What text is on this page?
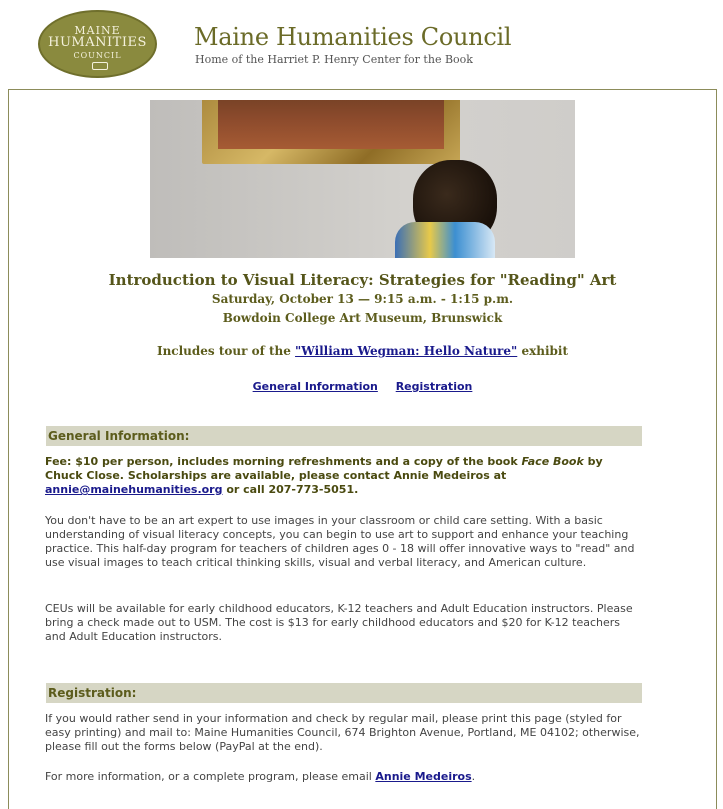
MAINE
HUMANITIES
COUNCIL
Maine Humanities Council
Home of the Harriet P. Henry Center for the Book
Introduction to Visual Literacy: Strategies for "Reading" Art
Saturday, October 13 — 9:15 a.m. - 1:15 p.m.
Bowdoin College Art Museum, Brunswick
Includes tour of the "William Wegman: Hello Nature" exhibit
General Information Registration
General Information:
Fee: $10 per person, includes morning refreshments and a copy of the book Face Book by Chuck Close. Scholarships are available, please contact Annie Medeiros at annie@mainehumanities.org or call 207-773-5051.
You don't have to be an art expert to use images in your classroom or child care setting. With a basic understanding of visual literacy concepts, you can begin to use art to support and enhance your teaching practice. This half-day program for teachers of children ages 0 - 18 will offer innovative ways to "read" and use visual images to teach critical thinking skills, visual and verbal literacy, and American culture.
CEUs will be available for early childhood educators, K-12 teachers and Adult Education instructors. Please bring a check made out to USM. The cost is $13 for early childhood educators and $20 for K-12 teachers and Adult Education instructors.
Registration:
If you would rather send in your information and check by regular mail, please print this page (styled for easy printing) and mail to: Maine Humanities Council, 674 Brighton Avenue, Portland, ME 04102; otherwise, please fill out the forms below (PayPal at the end).
For more information, or a complete program, please email Annie Medeiros.
